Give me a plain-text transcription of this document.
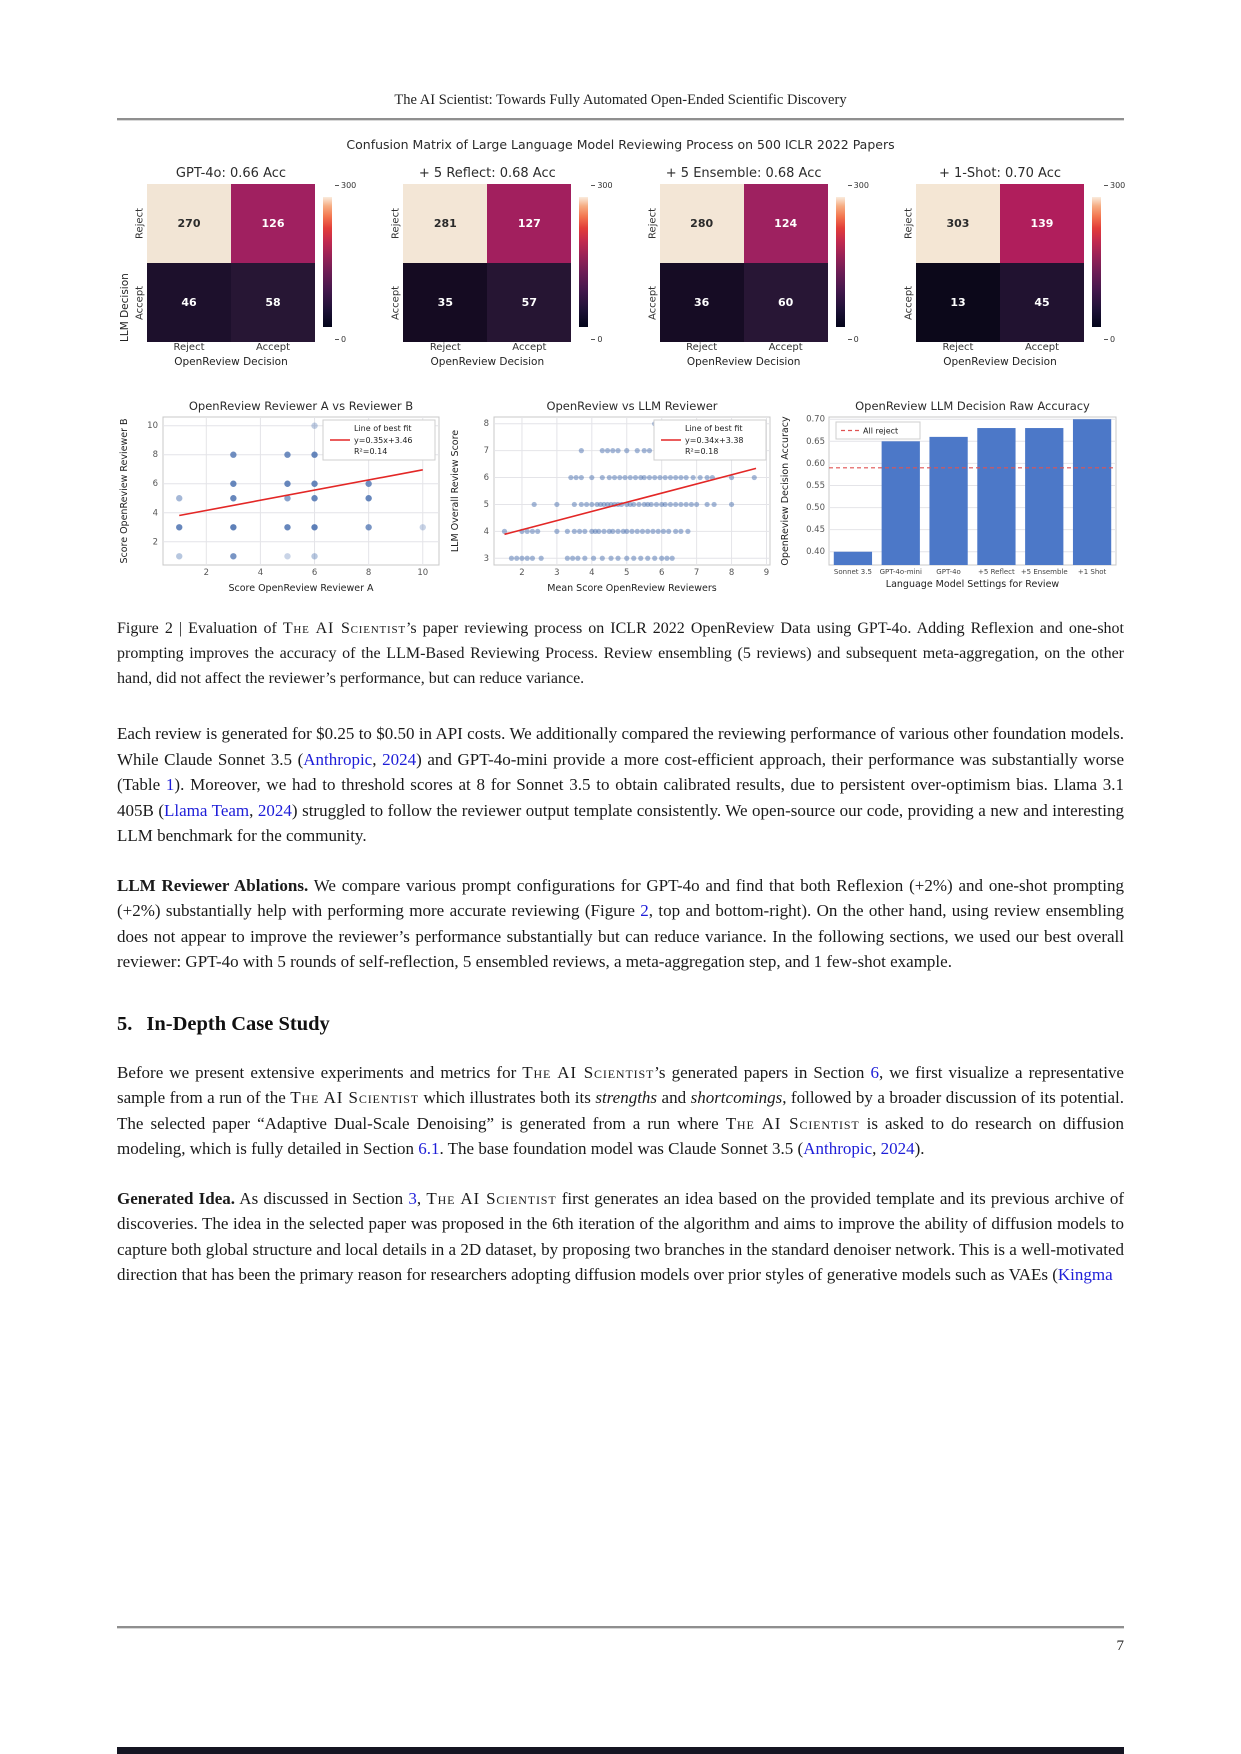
The AI Scientist: Towards Fully Automated Open-Ended Scientific Discovery
Confusion Matrix of Large Language Model Reviewing Process on 500 ICLR 2022 Papers
LLM Decision
Reject
Accept
GPT-4o: 0.66 Acc
270	126
46	58
Reject	Accept
OpenReview Decision
300
0
Reject
Accept
+ 5 Reflect: 0.68 Acc
281	127
35	57
Reject	Accept
OpenReview Decision
300
0
Reject
Accept
+ 5 Ensemble: 0.68 Acc
280	124
36	60
Reject	Accept
OpenReview Decision
300
0
Reject
Accept
+ 1-Shot: 0.70 Acc
303	139
13	45
Reject	Accept
OpenReview Decision
300
0
2	4	6	8	10
2
4
6
8
10	Line of best fit
y=0.35x+3.46
R²=0.14
OpenReview Reviewer A vs Reviewer B
Score OpenReview Reviewer A
Score OpenReview Reviewer B
2	3	4	5	6	7	8	9
3
4
5
6
7
8	Line of best fit
y=0.34x+3.38
R²=0.18
OpenReview vs LLM Reviewer
Mean Score OpenReview Reviewers
LLM Overall Review Score
0.40
0.45
0.50
0.55
0.60
0.65
0.70
Sonnet 3.5 GPT-4o-mini GPT-4o +5 Reflect +5 Ensemble +1 Shot
All reject
OpenReview LLM Decision Raw Accuracy
Language Model Settings for Review
OpenReview Decision Accuracy

Figure 2 | Evaluation of The AI Scientist’s paper reviewing process on ICLR 2022 OpenReview Data using GPT-4o. Adding Reflexion and one-shot prompting improves the accuracy of the LLM-Based Reviewing Process. Review ensembling (5 reviews) and subsequent meta-aggregation, on the other hand, did not affect the reviewer’s performance, but can reduce variance.

Each review is generated for $0.25 to $0.50 in API costs. We additionally compared the reviewing performance of various other foundation models. While Claude Sonnet 3.5 (Anthropic, 2024) and GPT-4o-mini provide a more cost-efficient approach, their performance was substantially worse (Table 1). Moreover, we had to threshold scores at 8 for Sonnet 3.5 to obtain calibrated results, due to persistent over-optimism bias. Llama 3.1 405B (Llama Team, 2024) struggled to follow the reviewer output template consistently. We open-source our code, providing a new and interesting LLM benchmark for the community.

LLM Reviewer Ablations. We compare various prompt configurations for GPT-4o and find that both Reflexion (+2%) and one-shot prompting (+2%) substantially help with performing more accurate reviewing (Figure 2, top and bottom-right). On the other hand, using review ensembling does not appear to improve the reviewer’s performance substantially but can reduce variance. In the following sections, we used our best overall reviewer: GPT-4o with 5 rounds of self-reflection, 5 ensembled reviews, a meta-aggregation step, and 1 few-shot example.

5. In-Depth Case Study

Before we present extensive experiments and metrics for The AI Scientist’s generated papers in Section 6, we first visualize a representative sample from a run of the The AI Scientist which illustrates both its strengths and shortcomings, followed by a broader discussion of its potential. The selected paper “Adaptive Dual-Scale Denoising” is generated from a run where The AI Scientist is asked to do research on diffusion modeling, which is fully detailed in Section 6.1. The base foundation model was Claude Sonnet 3.5 (Anthropic, 2024).

Generated Idea. As discussed in Section 3, The AI Scientist first generates an idea based on the provided template and its previous archive of discoveries. The idea in the selected paper was proposed in the 6th iteration of the algorithm and aims to improve the ability of diffusion models to capture both global structure and local details in a 2D dataset, by proposing two branches in the standard denoiser network. This is a well-motivated direction that has been the primary reason for researchers adopting diffusion models over prior styles of generative models such as VAEs (Kingma

7
